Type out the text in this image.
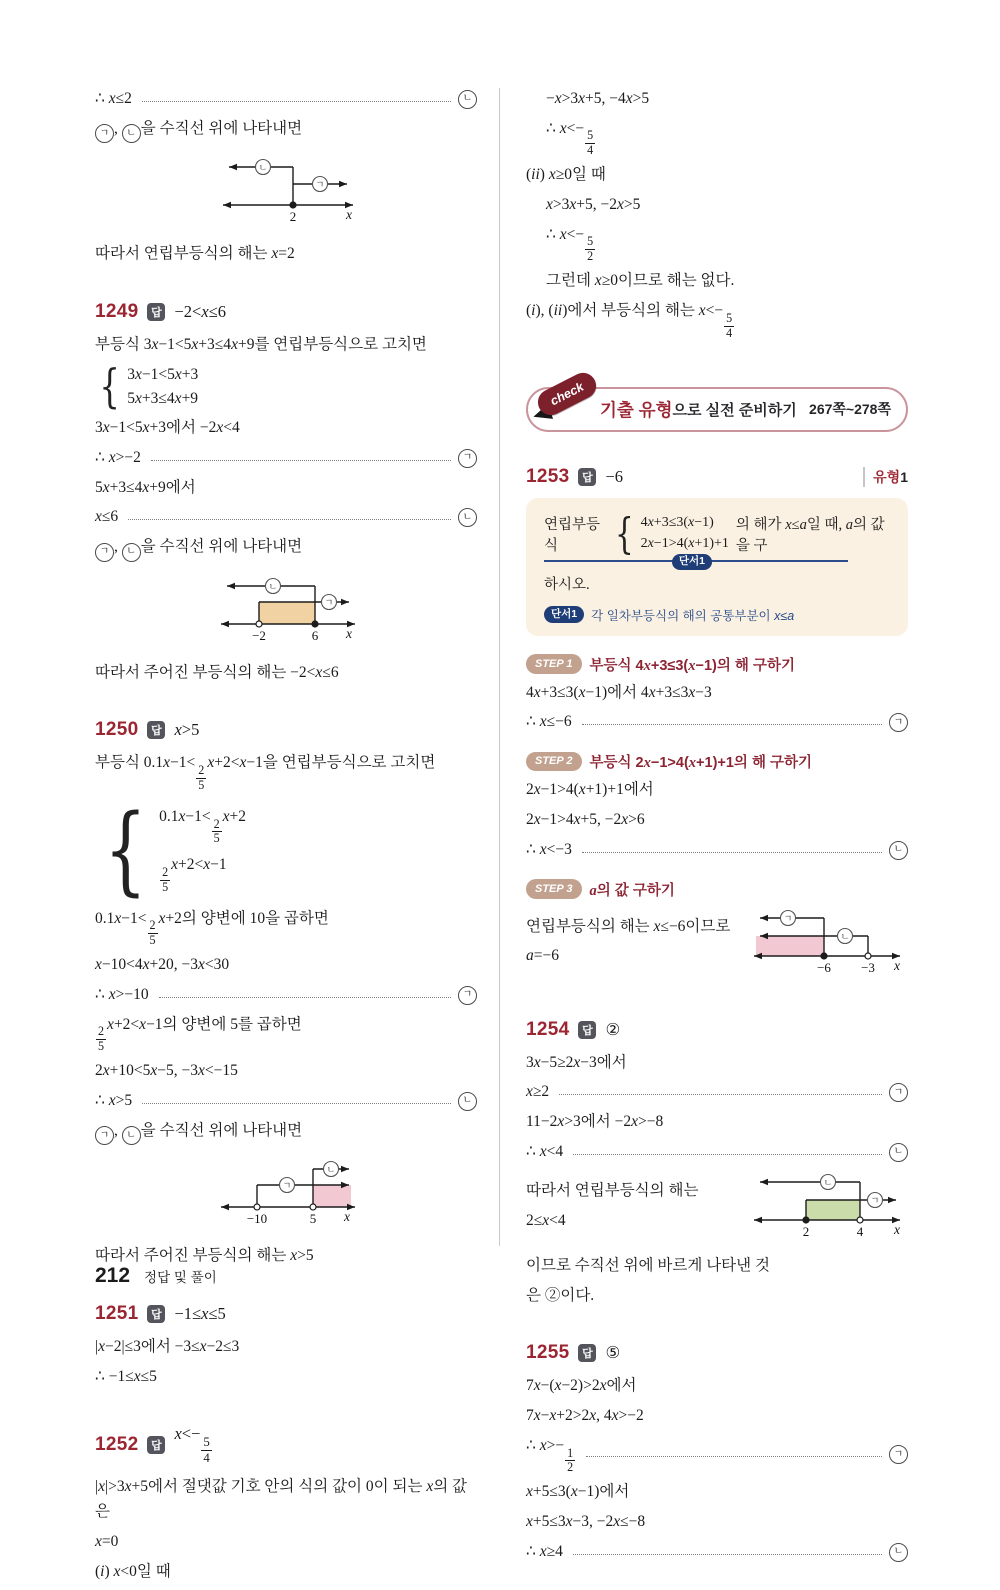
∴ x≤2	ㄴ
ㄱ , ㄴ 을 수직선 위에 나타내면
2	x
ㄴ
ㄱ
따라서 연립부등식의 해는 x=2
1249	답 −2<x≤6
부등식 3x−1<5x+3≤4x+9를 연립부등식으로 고치면
{ 3x−1<5x+3
5x+3≤4x+9
3x−1<5x+3에서 −2x<4
∴ x>−2	ㄱ
5x+3≤4x+9에서
x≤6	ㄴ
ㄱ , ㄴ 을 수직선 위에 나타내면
−2	6 x
ㄴ
ㄱ
따라서 주어진 부등식의 해는 −2<x≤6
1250	답 x>5
부등식 0.1x−1<
$\frac{2}{5}$
x+2<x−1을 연립부등식으로 고치면
{ 0.1x−1<
$\frac{2}{5}$
x+2
$\frac{2}{5}$
x+2<x−1
0.1x−1<
$\frac{2}{5}$
x+2의 양변에 10을 곱하면
x−10<4x+20, −3x<30
∴ x>−10	ㄱ
$\frac{2}{5}$
x+2<x−1의 양변에 5를 곱하면
2x+10<5x−5, −3x<−15
∴ x>5	ㄴ
ㄱ , ㄴ 을 수직선 위에 나타내면
−10	5 x
ㄴ
ㄱ
따라서 주어진 부등식의 해는 x>5
1251	답 −1≤x≤5
|x−2|≤3에서 −3≤x−2≤3
∴ −1≤x≤5
1252	답
x<−
$\frac{5}{4}$
|x|>3x+5에서 절댓값 기호 안의 식의 값이 0이 되는 x의 값은
x=0
(i) x<0일 때
−x>3x+5, −4x>5
∴ x<−
$\frac{5}{4}$
(ii) x≥0일 때
x>3x+5, −2x>5
∴ x<−
$\frac{5}{2}$
그런데 x≥0이므로 해는 없다.
(i), (ii)에서 부등식의 해는 x<−
$\frac{5}{4}$
check
기출 유형 으로 실전 준비하기 267쪽~278쪽
1253	답 −6	유형1
연립부등식	{ 4x+3≤3(x−1)
2x−1>4(x+1)+1
의 해가 x≤a일 때, a의 값을 구
단서1
하시오.
단서1	각 일차부등식의 해의 공통부분이 x≤a
STEP 1	부등식 4x+3≤3(x−1)의 해 구하기
4x+3≤3(x−1)에서 4x+3≤3x−3
∴ x≤−6	ㄱ
STEP 2	부등식 2x−1>4(x+1)+1의 해 구하기
2x−1>4(x+1)+1에서
2x−1>4x+5, −2x>6
∴ x<−3	ㄴ
STEP 3	a의 값 구하기
연립부등식의 해는 x≤−6이므로
a=−6
−6 −3 x
ㄱ
ㄴ
1254	답 ②
3x−5≥2x−3에서
x≥2	ㄱ
11−2x>3에서 −2x>−8
∴ x<4	ㄴ
따라서 연립부등식의 해는
2≤x<4
2	4 x
ㄴ
ㄱ
이므로 수직선 위에 바르게 나타낸 것
은 ②이다.
1255	답 ⑤
7x−(x−2)>2x에서
7x−x+2>2x, 4x>−2
∴ x>−
$\frac{1}{2}$	ㄱ
x+5≤3(x−1)에서
x+5≤3x−3, −2x≤−8
∴ x≥4	ㄴ
212 정답 및 풀이
